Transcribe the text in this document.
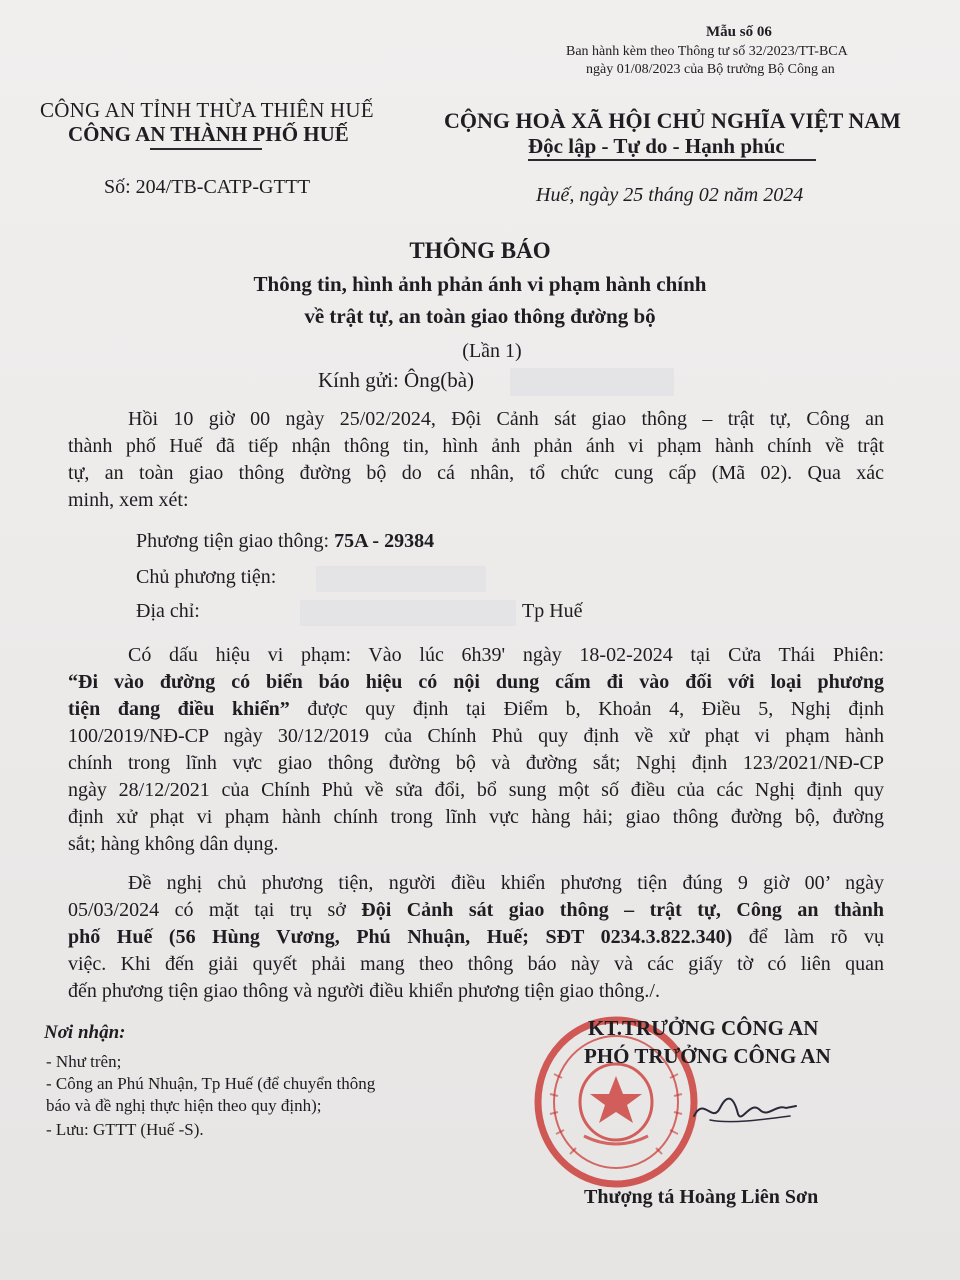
Mẫu số 06
Ban hành kèm theo Thông tư số 32/2023/TT-BCA
ngày 01/08/2023 của Bộ trưởng Bộ Công an
CÔNG AN TỈNH THỪA THIÊN HUẾ
CÔNG AN THÀNH PHỐ HUẾ
CỘNG HOÀ XÃ HỘI CHỦ NGHĨA VIỆT NAM
Độc lập - Tự do - Hạnh phúc
Số: 204/TB-CATP-GTTT	Huế, ngày 25 tháng 02 năm 2024
THÔNG BÁO
Thông tin, hình ảnh phản ánh vi phạm hành chính
về trật tự, an toàn giao thông đường bộ
(Lần 1)
Kính gửi: Ông(bà)
Hồi 10 giờ 00 ngày 25/02/2024, Đội Cảnh sát giao thông – trật tự, Công an
thành phố Huế đã tiếp nhận thông tin, hình ảnh phản ánh vi phạm hành chính về trật
tự, an toàn giao thông đường bộ do cá nhân, tổ chức cung cấp (Mã 02). Qua xác
minh, xem xét:
Phương tiện giao thông: 75A - 29384
Chủ phương tiện:
Địa chỉ:	Tp Huế
Có dấu hiệu vi phạm: Vào lúc 6h39' ngày 18-02-2024 tại Cửa Thái Phiên:
“Đi vào đường có biển báo hiệu có nội dung cấm đi vào đối với loại phương
tiện đang điều khiển” được quy định tại Điểm b, Khoản 4, Điều 5, Nghị định
100/2019/NĐ-CP ngày 30/12/2019 của Chính Phủ quy định về xử phạt vi phạm hành
chính trong lĩnh vực giao thông đường bộ và đường sắt; Nghị định 123/2021/NĐ-CP
ngày 28/12/2021 của Chính Phủ về sửa đổi, bổ sung một số điều của các Nghị định quy
định xử phạt vi phạm hành chính trong lĩnh vực hàng hải; giao thông đường bộ, đường
sắt; hàng không dân dụng.
Đề nghị chủ phương tiện, người điều khiển phương tiện đúng 9 giờ 00’ ngày
05/03/2024 có mặt tại trụ sở Đội Cảnh sát giao thông – trật tự, Công an thành
phố Huế (56 Hùng Vương, Phú Nhuận, Huế; SĐT 0234.3.822.340) để làm rõ vụ
việc. Khi đến giải quyết phải mang theo thông báo này và các giấy tờ có liên quan
đến phương tiện giao thông và người điều khiển phương tiện giao thông./.
Nơi nhận:
- Như trên;
- Công an Phú Nhuận, Tp Huế (để chuyển thông
báo và đề nghị thực hiện theo quy định);
- Lưu: GTTT (Huế -S).
KT.TRƯỞNG CÔNG AN
PHÓ TRƯỞNG CÔNG AN
Thượng tá Hoàng Liên Sơn
